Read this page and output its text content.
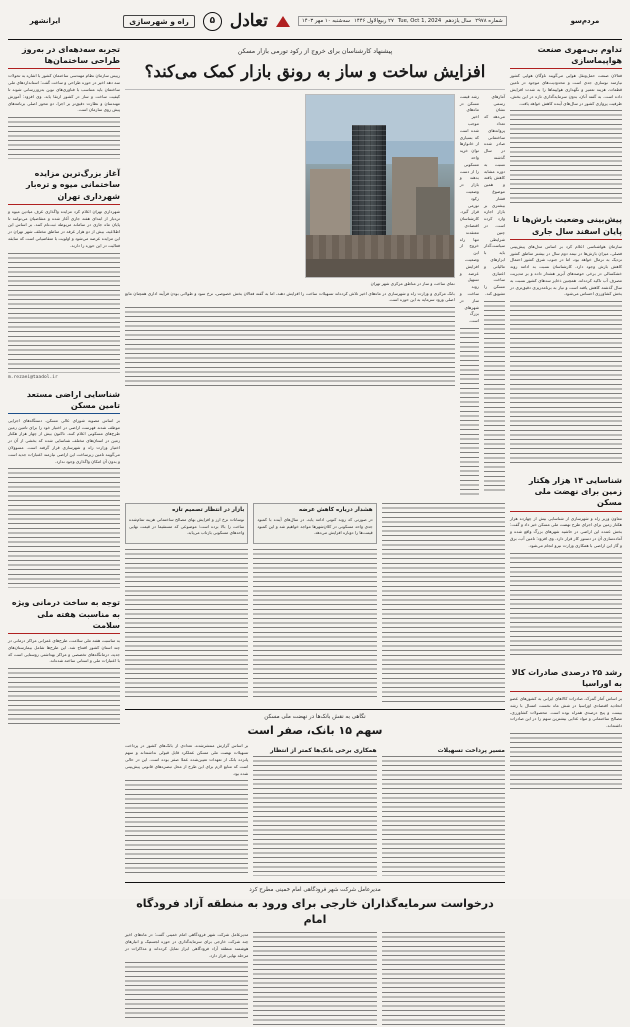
ایرانشهر	راه و شهرسازی	۵ تعادل	سه‌شنبه ۱۰ مهر ۱۴۰۳ ۲۷ ربیع‌الاول ۱۴۴۶ Tue, Oct 1, 2024 سال یازدهم شماره ۲۹۷۸	مردم‌سو
تجربه سه‌دهه‌ای در به‌روز طراحی ساختمان‌ها

رییس سازمان نظام مهندسی ساختمان کشور با اشاره به تحولات سه دهه اخیر در حوزه طراحی و ساخت گفت: استانداردهای ملی ساختمان باید متناسب با فناوری‌های نوین به‌روزرسانی شوند تا کیفیت ساخت و ساز در کشور ارتقا یابد. وی افزود: آموزش مهندسان و نظارت دقیق‌تر بر اجرا، دو محور اصلی برنامه‌های پیش روی سازمان است.

آغاز بزرگ‌ترین مزایده ساختمانی میوه و تره‌بار شهرداری تهران

شهرداری تهران اعلام کرد مزایده واگذاری غرف میادین میوه و تره‌بار از ابتدای هفته جاری آغاز شده و متقاضیان می‌توانند تا پایان ماه جاری در سامانه مربوطه ثبت‌نام کنند. بر اساس این اطلاعیه، بیش از دو هزار غرفه در مناطق مختلف شهر تهران در این مزایده عرضه می‌شود و اولویت با متقاضیانی است که سابقه فعالیت در این حوزه را دارند.

m.rezaei@taadol.ir
شناسایی اراضی مستعد تامین مسکن

بر اساس مصوبه شورای عالی مسکن، دستگاه‌های اجرایی موظف شدند فهرست اراضی در اختیار خود را برای تامین زمین طرح‌های مسکونی اعلام کنند. تاکنون بیش از چهار هزار هکتار زمین در استان‌های مختلف شناسایی شده که بخشی از آن در اختیار وزارت راه و شهرسازی قرار گرفته است. مسوولان می‌گویند تامین زیرساخت این اراضی نیازمند اعتبارات جدید است و بدون آن امکان واگذاری وجود ندارد.

توجه به ساخت درمانی ویژه به مناسبت هفته ملی سلامت

به مناسبت هفته ملی سلامت، طرح‌های عمرانی مراکز درمانی در چند استان کشور افتتاح شد. این طرح‌ها شامل بیمارستان‌های جدید، درمانگاه‌های تخصصی و مراکز بهداشتی روستایی است که با اعتبارات ملی و استانی ساخته شده‌اند.

پیشنهاد کارشناسان برای خروج از رکود تورمی بازار مسکن
افزایش ساخت و ساز به رونق بازار کمک می‌کند؟

نمای ساخت و ساز در مناطق مرکزی شهر تهران

بانک مرکزی و وزارت راه و شهرسازی در ماه‌های اخیر تلاش کرده‌اند تسهیلات ساخت را افزایش دهند، اما به گفته فعالان بخش خصوصی، نرخ سود و طولانی بودن فرآیند اداری همچنان مانع اصلی ورود سرمایه به این حوزه است.

رشد قیمت مسکن در ماه‌های اخیر موجب شده است که بسیاری از خانوارها توان خرید واحد مسکونی را از دست بدهند و بازار در وضعیت رکود تورمی قرار گیرد. کارشناسان اقتصادی معتقدند تنها راه خروج از این وضعیت، افزایش عرضه و تسهیل روند ساخت و ساز در شهرهای بزرگ است.

آمارهای رسمی نشان می‌دهد که تعداد پروانه‌های ساختمانی صادر شده در سال گذشته نسبت به دوره مشابه کاهش یافته و همین موضوع فشار بیشتری بر بازار اجاره وارد کرده است. در چنین شرایطی سیاست‌گذار باید با ابزارهای مالیاتی و اعتباری ساخت مسکن را تشویق کند.

بازار در انتظار تصمیم تازه

نوسانات نرخ ارز و افزایش بهای مصالح ساختمانی هزینه تمام‌شده ساخت را بالا برده است؛ موضوعی که مستقیما در قیمت نهایی واحدهای مسکونی بازتاب می‌یابد.

هشدار درباره کاهش عرضه

در صورتی که روند کنونی ادامه یابد، در سال‌های آینده با کمبود جدی واحد مسکونی در کلان‌شهرها مواجه خواهیم شد و این کمبود قیمت‌ها را دوباره افزایش می‌دهد.

نگاهی به نقش بانک‌ها در نهضت ملی مسکن
سهم ۱۵ بانک، صفر است

بر اساس گزارش منتشرشده، تعدادی از بانک‌های کشور در پرداخت تسهیلات نهضت ملی مسکن عملکرد قابل قبولی نداشته‌اند و سهم پانزده بانک از تعهدات تعیین‌شده عملا صفر بوده است. این در حالی است که منابع لازم برای این طرح از محل تبصره‌های قانونی پیش‌بینی شده بود.

همکاری برخی بانک‌ها کمتر از انتظار	مسیر پرداخت تسهیلات
مدیرعامل شرکت شهر فرودگاهی امام خمینی مطرح کرد
درخواست سرمایه‌گذاران خارجی برای ورود به منطقه آزاد فرودگاه امام

مدیرعامل شرکت شهر فرودگاهی امام خمینی گفت: در ماه‌های اخیر چند شرکت خارجی برای سرمایه‌گذاری در حوزه لجستیک و انبارهای هوشمند منطقه آزاد فرودگاهی ابراز تمایل کرده‌اند و مذاکرات در مرحله نهایی قرار دارد.

تداوم بی‌مهری صنعت هواپیماسازی

فعالان صنعت حمل‌ونقل هوایی می‌گویند ناوگان هوایی کشور نیازمند نوسازی جدی است و محدودیت‌های موجود در تامین قطعات، هزینه تعمیر و نگهداری هواپیماها را به شدت افزایش داده است. به گفته آنان، بدون سرمایه‌گذاری تازه در این بخش، ظرفیت پروازی کشور در سال‌های آینده کاهش خواهد یافت.

پیش‌بینی وضعیت بارش‌ها تا پایان اسفند سال جاری

سازمان هواشناسی اعلام کرد بر اساس مدل‌های پیش‌بینی فصلی، میزان بارش‌ها در نیمه دوم سال در بیشتر مناطق کشور نزدیک به نرمال خواهد بود، اما در جنوب شرق کشور احتمال کاهش بارش وجود دارد. کارشناسان نسبت به ادامه روند خشکسالی در برخی حوضه‌های آبریز هشدار داده و بر مدیریت مصرف آب تاکید کرده‌اند. همچنین ذخایر سدهای کشور نسبت به سال گذشته کاهش یافته است و نیاز به برنامه‌ریزی دقیق‌تری در بخش کشاورزی احساس می‌شود.

شناسایی ۱۴ هزار هکتار زمین برای نهضت ملی مسکن

معاون وزیر راه و شهرسازی از شناسایی بیش از چهارده هزار هکتار زمین برای اجرای طرح نهضت ملی مسکن خبر داد و گفت: بخش عمده این اراضی در حاشیه شهرهای بزرگ واقع شده و آماده‌سازی آن در دستور کار قرار دارد. وی افزود: تامین آب، برق و گاز این اراضی با همکاری وزارت نیرو انجام می‌شود.

رشد ۲۵ درصدی صادرات کالا به اوراسیا

بر اساس آمار گمرک، صادرات کالاهای ایرانی به کشورهای عضو اتحادیه اقتصادی اوراسیا در شش ماه نخست امسال با رشد بیست و پنج درصدی همراه بوده است. محصولات کشاورزی، مصالح ساختمانی و مواد غذایی بیشترین سهم را در این صادرات داشته‌اند.
